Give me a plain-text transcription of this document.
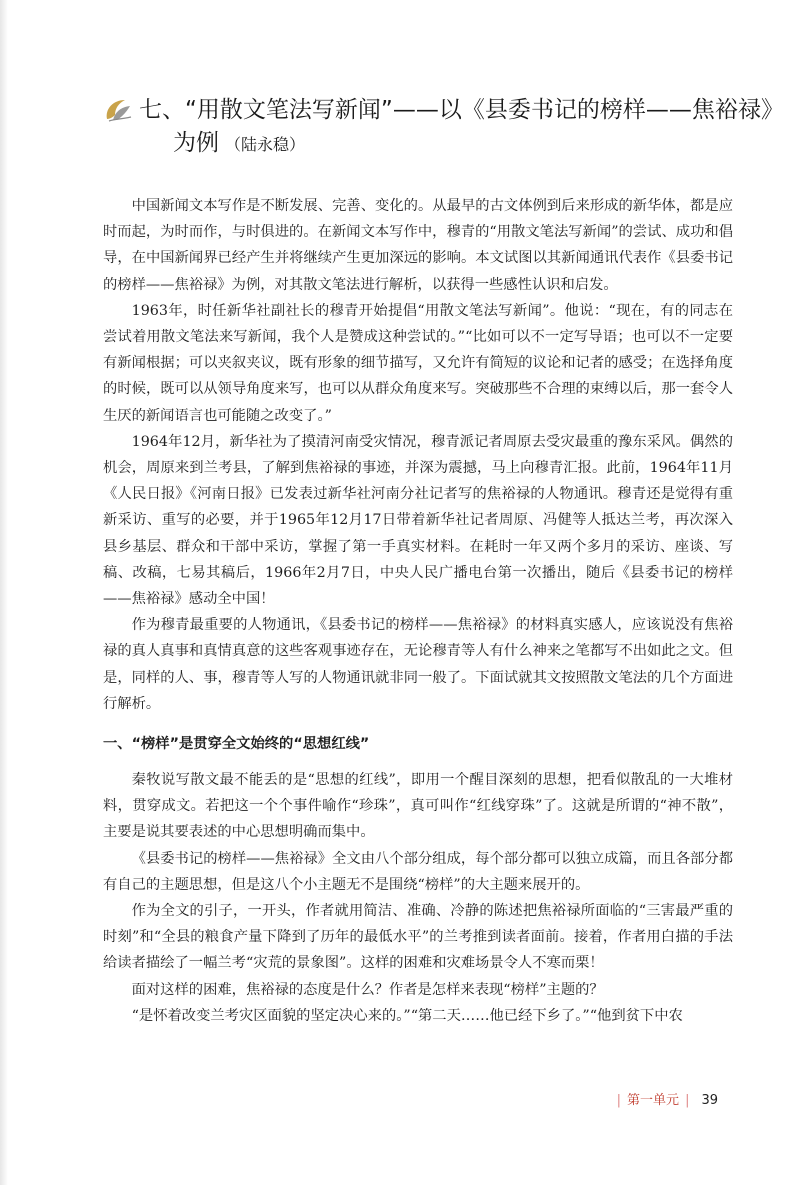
七、“用散文笔法写新闻”——以《县委书记的榜样——焦裕禄》
为例 （陆永稳）

中国新闻文本写作是不断发展、完善、变化的。从最早的古文体例到后来形成的新华体，都是应时而起，为时而作，与时俱进的。在新闻文本写作中，穆青的“用散文笔法写新闻”的尝试、成功和倡导，在中国新闻界已经产生并将继续产生更加深远的影响。本文试图以其新闻通讯代表作《县委书记的榜样——焦裕禄》为例，对其散文笔法进行解析，以获得一些感性认识和启发。

1963年，时任新华社副社长的穆青开始提倡“用散文笔法写新闻”。他说：“现在，有的同志在尝试着用散文笔法来写新闻，我个人是赞成这种尝试的。”“比如可以不一定写导语；也可以不一定要有新闻根据；可以夹叙夹议，既有形象的细节描写，又允许有简短的议论和记者的感受；在选择角度的时候，既可以从领导角度来写，也可以从群众角度来写。突破那些不合理的束缚以后，那一套令人生厌的新闻语言也可能随之改变了。”

1964年12月，新华社为了摸清河南受灾情况，穆青派记者周原去受灾最重的豫东采风。偶然的机会，周原来到兰考县，了解到焦裕禄的事迹，并深为震撼，马上向穆青汇报。此前，1964年11月《人民日报》《河南日报》已发表过新华社河南分社记者写的焦裕禄的人物通讯。穆青还是觉得有重新采访、重写的必要，并于1965年12月17日带着新华社记者周原、冯健等人抵达兰考，再次深入县乡基层、群众和干部中采访，掌握了第一手真实材料。在耗时一年又两个多月的采访、座谈、写稿、改稿，七易其稿后，1966年2月7日，中央人民广播电台第一次播出，随后《县委书记的榜样——焦裕禄》感动全中国！

作为穆青最重要的人物通讯，《县委书记的榜样——焦裕禄》的材料真实感人，应该说没有焦裕禄的真人真事和真情真意的这些客观事迹存在，无论穆青等人有什么神来之笔都写不出如此之文。但是，同样的人、事，穆青等人写的人物通讯就非同一般了。下面试就其文按照散文笔法的几个方面进行解析。

一、“榜样”是贯穿全文始终的“思想红线”

秦牧说写散文最不能丢的是“思想的红线”，即用一个醒目深刻的思想，把看似散乱的一大堆材料，贯穿成文。若把这一个个事件喻作“珍珠”，真可叫作“红线穿珠”了。这就是所谓的“神不散”，主要是说其要表述的中心思想明确而集中。

《县委书记的榜样——焦裕禄》全文由八个部分组成，每个部分都可以独立成篇，而且各部分都有自己的主题思想，但是这八个小主题无不是围绕“榜样”的大主题来展开的。

作为全文的引子，一开头，作者就用简洁、准确、冷静的陈述把焦裕禄所面临的“三害最严重的时刻”和“全县的粮食产量下降到了历年的最低水平”的兰考推到读者面前。接着，作者用白描的手法给读者描绘了一幅兰考“灾荒的景象图”。这样的困难和灾难场景令人不寒而栗！

面对这样的困难，焦裕禄的态度是什么？作者是怎样来表现“榜样”主题的？

“是怀着改变兰考灾区面貌的坚定决心来的。”“第二天……他已经下乡了。”“他到贫下中农

| 第一单元 | 39
